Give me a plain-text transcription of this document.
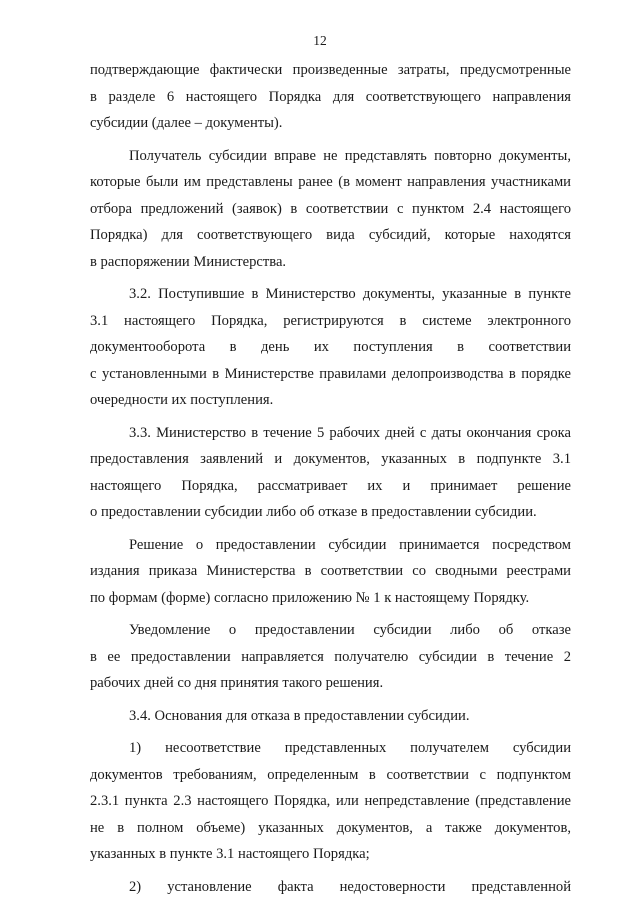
12
подтверждающие фактически произведенные затраты, предусмотренные
в разделе 6 настоящего Порядка для соответствующего направления
субсидии (далее – документы).
Получатель субсидии вправе не представлять повторно документы,
которые были им представлены ранее (в момент направления участниками
отбора предложений (заявок) в соответствии с пунктом 2.4 настоящего
Порядка) для соответствующего вида субсидий, которые находятся
в распоряжении Министерства.
3.2. Поступившие в Министерство документы, указанные в пункте
3.1 настоящего Порядка, регистрируются в системе электронного
документооборота в день их поступления в соответствии
с установленными в Министерстве правилами делопроизводства в порядке
очередности их поступления.
3.3. Министерство в течение 5 рабочих дней с даты окончания срока
предоставления заявлений и документов, указанных в подпункте 3.1
настоящего Порядка, рассматривает их и принимает решение
о предоставлении субсидии либо об отказе в предоставлении субсидии.
Решение о предоставлении субсидии принимается посредством
издания приказа Министерства в соответствии со сводными реестрами
по формам (форме) согласно приложению № 1 к настоящему Порядку.
Уведомление о предоставлении субсидии либо об отказе
в ее предоставлении направляется получателю субсидии в течение 2
рабочих дней со дня принятия такого решения.
3.4. Основания для отказа в предоставлении субсидии.
1) несоответствие представленных получателем субсидии
документов требованиям, определенным в соответствии с подпунктом
2.3.1 пункта 2.3 настоящего Порядка, или непредставление (представление
не в полном объеме) указанных документов, а также документов,
указанных в пункте 3.1 настоящего Порядка;
2) установление факта недостоверности представленной
